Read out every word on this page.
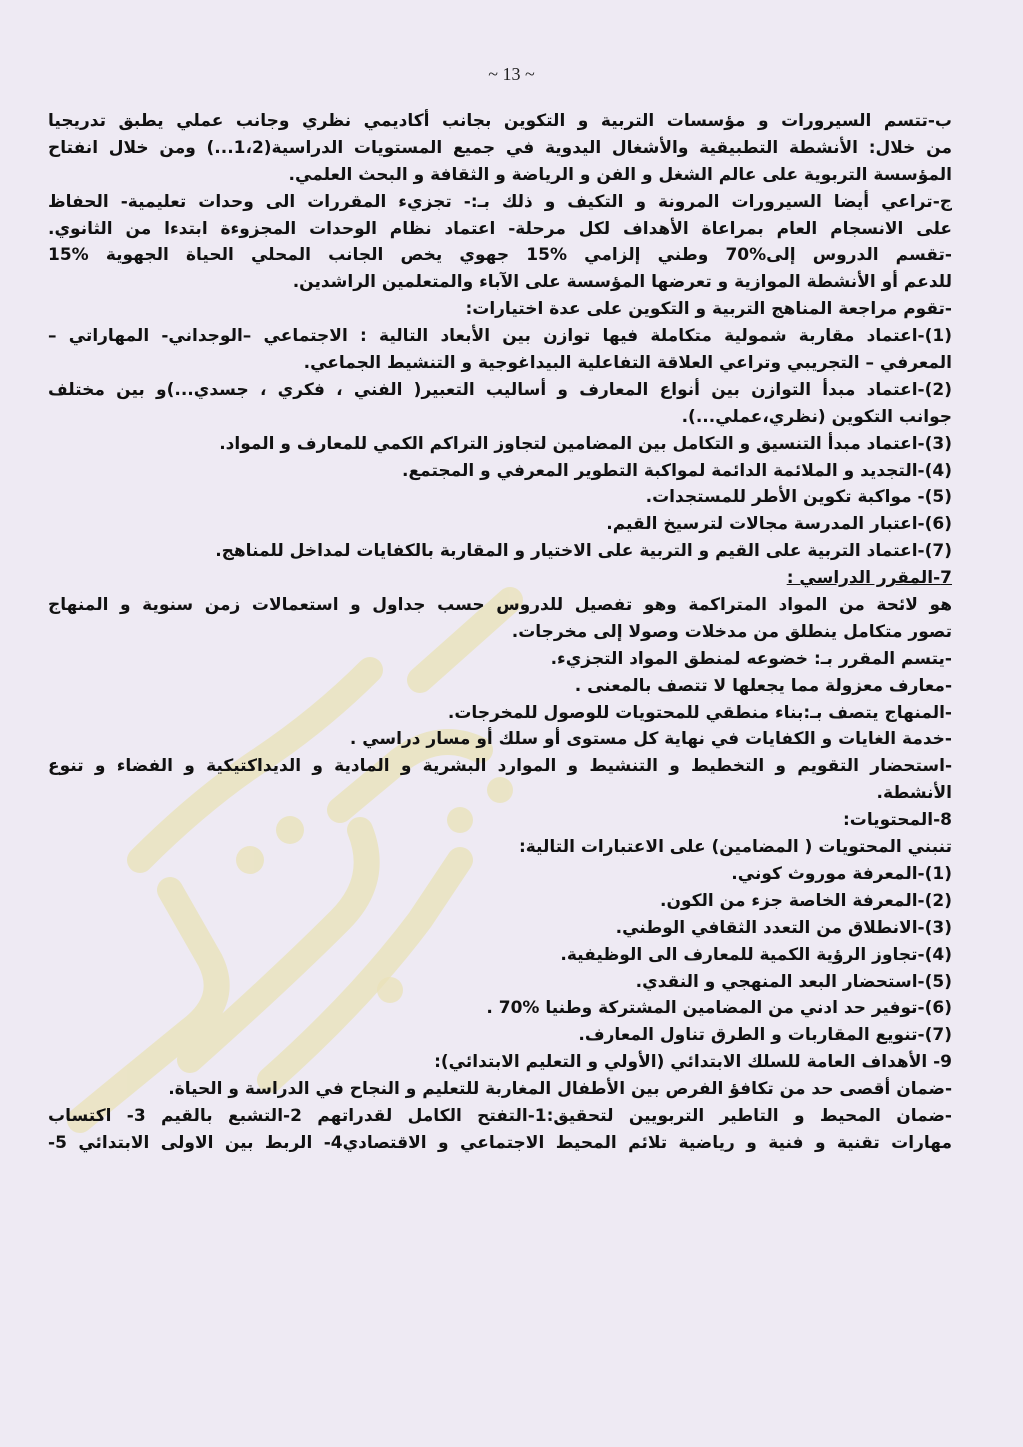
~ 13 ~
ب-تتسم السيرورات و مؤسسات التربية و التكوين بجانب أكاديمي نظري وجانب عملي يطبق تدريجيا
من خلال: الأنشطة التطبيقية والأشغال اليدوية في جميع المستويات الدراسية(1،2...) ومن خلال انفتاح
المؤسسة التربوية على عالم الشغل و الفن و الرياضة و الثقافة و البحث العلمي.
ج-تراعي أيضا السيرورات المرونة و التكيف و ذلك بـ:- تجزيء المقررات الى وحدات تعليمية- الحفاظ
على الانسجام العام بمراعاة الأهداف لكل مرحلة- اعتماد نظام الوحدات المجزوءة ابتدءا من الثانوي.
-تقسم الدروس إلى%70 وطني إلزامي %15 جهوي يخص الجانب المحلي الحياة الجهوية %15
للدعم أو الأنشطة الموازية و تعرضها المؤسسة على الآباء والمتعلمين الراشدين.
-تقوم مراجعة المناهج التربية و التكوين على عدة اختيارات:
(1)-اعتماد مقاربة شمولية متكاملة فيها توازن بين الأبعاد التالية : الاجتماعي –الوجداني- المهاراتي –
المعرفي – التجريبي وتراعي العلاقة التفاعلية البيداغوجية و التنشيط الجماعي.
(2)-اعتماد مبدأ التوازن بين أنواع المعارف و أساليب التعبير( الفني ، فكري ، جسدي...)و بين مختلف
جوانب التكوين (نظري،عملي...).
(3)-اعتماد مبدأ التنسيق و التكامل بين المضامين لتجاوز التراكم الكمي للمعارف و المواد.
(4)-التجديد و الملائمة الدائمة لمواكبة التطوير المعرفي و المجتمع.
(5)- مواكبة تكوين الأطر للمستجدات.
(6)-اعتبار المدرسة مجالات لترسيخ القيم.
(7)-اعتماد التربية على القيم و التربية على الاختيار و المقاربة بالكفايات لمداخل للمناهج.
7-المقرر الدراسي :
هو لائحة من المواد المتراكمة وهو تفصيل للدروس حسب جداول و استعمالات زمن سنوية و المنهاج
تصور متكامل ينطلق من مدخلات وصولا إلى مخرجات.
-يتسم المقرر بـ: خضوعه لمنطق المواد التجزيء.
-معارف معزولة مما يجعلها لا تتصف بالمعنى .
-المنهاج يتصف بـ:بناء منطقي للمحتويات للوصول للمخرجات.
-خدمة الغايات و الكفايات في نهاية كل مستوى أو سلك أو مسار دراسي .
-استحضار التقويم و التخطيط و التنشيط و الموارد البشرية و المادية و الديداكتيكية و الفضاء و تنوع
الأنشطة.
8-المحتويات:
تنبني المحتويات ( المضامين) على الاعتبارات التالية:
(1)-المعرفة موروث كوني.
(2)-المعرفة الخاصة جزء من الكون.
(3)-الانطلاق من التعدد الثقافي الوطني.
(4)-تجاوز الرؤية الكمية للمعارف الى الوظيفية.
(5)-استحضار البعد المنهجي و النقدي.
(6)-توفير حد ادني من المضامين المشتركة وطنيا %70 .
(7)-تنويع المقاربات و الطرق تناول المعارف.
9- الأهداف العامة للسلك الابتدائي (الأولي و التعليم الابتدائي):
-ضمان أقصى حد من تكافؤ الفرص بين الأطفال المغاربة للتعليم و النجاح في الدراسة و الحياة.
-ضمان المحيط و التاطير التربويين لتحقيق:1-التفتح الكامل لقدراتهم 2-التشبع بالقيم 3- اكتساب
مهارات تقنية و فنية و رياضية تلائم المحيط الاجتماعي و الاقتصادي4- الربط بين الاولى الابتدائي 5-
